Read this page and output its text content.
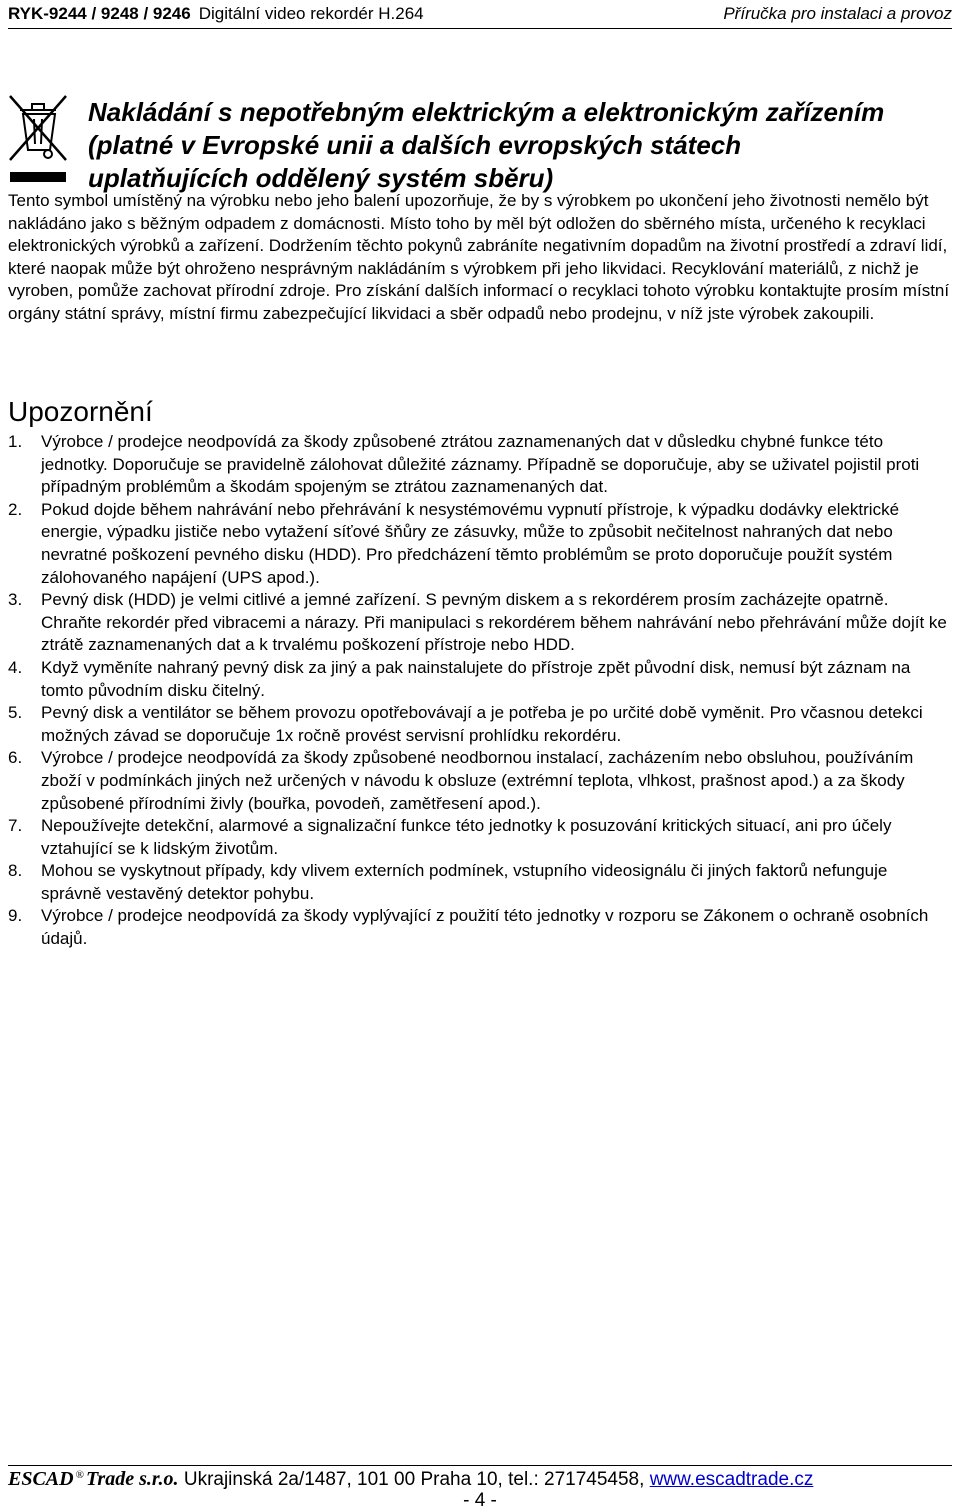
RYK-9244 / 9248 / 9246 Digitální video rekordér H.264	Příručka pro instalaci a provoz
Nakládání s nepotřebným elektrickým a elektronickým zařízením
(platné v Evropské unii a dalších evropských státech
uplatňujících oddělený systém sběru)

Tento symbol umístěný na výrobku nebo jeho balení upozorňuje, že by s výrobkem po ukončení jeho životnosti nemělo být nakládáno jako s běžným odpadem z domácnosti. Místo toho by měl být odložen do sběrného místa, určeného k recyklaci elektronických výrobků a zařízení. Dodržením těchto pokynů zabráníte negativním dopadům na životní prostředí a zdraví lidí, které naopak může být ohroženo nesprávným nakládáním s výrobkem při jeho likvidaci. Recyklování materiálů, z nichž je vyroben, pomůže zachovat přírodní zdroje. Pro získání dalších informací o recyklaci tohoto výrobku kontaktujte prosím místní orgány státní správy, místní firmu zabezpečující likvidaci a sběr odpadů nebo prodejnu, v níž jste výrobek zakoupili.

Upozornění
1.	Výrobce / prodejce neodpovídá za škody způsobené ztrátou zaznamenaných dat v důsledku chybné funkce této jednotky. Doporučuje se pravidelně zálohovat důležité záznamy. Případně se doporučuje, aby se uživatel pojistil proti případným problémům a škodám spojeným se ztrátou zaznamenaných dat.
2.	Pokud dojde během nahrávání nebo přehrávání k nesystémovému vypnutí přístroje, k výpadku dodávky elektrické energie, výpadku jističe nebo vytažení síťové šňůry ze zásuvky, může to způsobit nečitelnost nahraných dat nebo nevratné poškození pevného disku (HDD). Pro předcházení těmto problémům se proto doporučuje použít systém zálohovaného napájení (UPS apod.).
3.	Pevný disk (HDD) je velmi citlivé a jemné zařízení. S pevným diskem a s rekordérem prosím zacházejte opatrně. Chraňte rekordér před vibracemi a nárazy. Při manipulaci s rekordérem během nahrávání nebo přehrávání může dojít ke ztrátě zaznamenaných dat a k trvalému poškození přístroje nebo HDD.
4.	Když vyměníte nahraný pevný disk za jiný a pak nainstalujete do přístroje zpět původní disk, nemusí být záznam na tomto původním disku čitelný.
5.	Pevný disk a ventilátor se během provozu opotřebovávají a je potřeba je po určité době vyměnit. Pro včasnou detekci možných závad se doporučuje 1x ročně provést servisní prohlídku rekordéru.
6.	Výrobce / prodejce neodpovídá za škody způsobené neodbornou instalací, zacházením nebo obsluhou, používáním zboží v podmínkách jiných než určených v návodu k obsluze (extrémní teplota, vlhkost, prašnost apod.) a za škody způsobené přírodními živly (bouřka, povodeň, zamětřesení apod.).
7.	Nepoužívejte detekční, alarmové a signalizační funkce této jednotky k posuzování kritických situací, ani pro účely vztahující se k lidským životům.
8.	Mohou se vyskytnout případy, kdy vlivem externích podmínek, vstupního videosignálu či jiných faktorů nefunguje správně vestavěný detektor pohybu.
9.	Výrobce / prodejce neodpovídá za škody vyplývající z použití této jednotky v rozporu se Zákonem o ochraně osobních údajů.
ESCAD ® Trade s.r.o. Ukrajinská 2a/1487, 101 00 Praha 10, tel.: 271745458, www.escadtrade.cz
- 4 -
